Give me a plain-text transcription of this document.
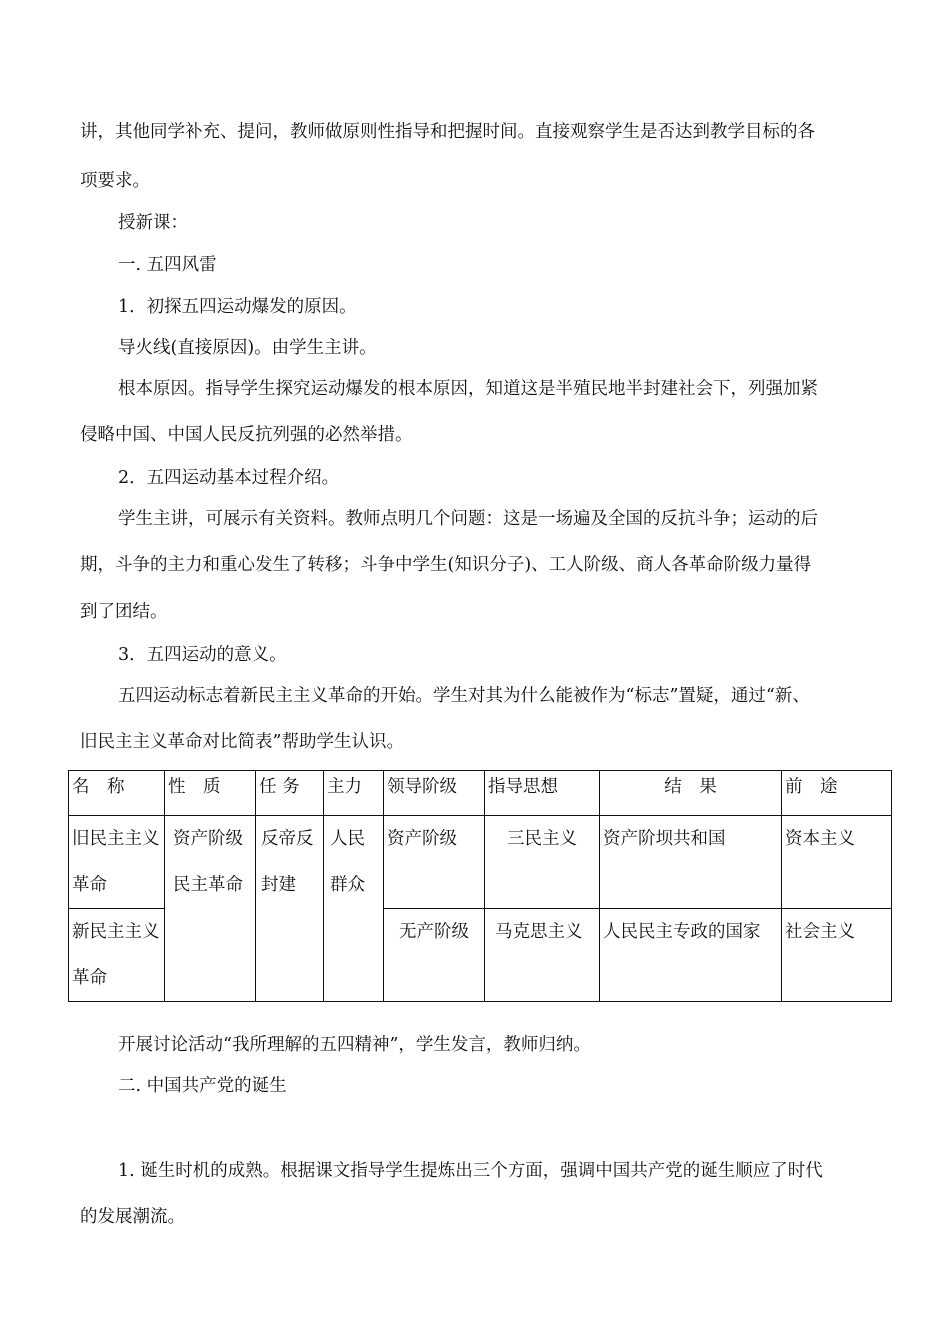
讲，其他同学补充、提问，教师做原则性指导和把握时间。直接观察学生是否达到教学目标的各
项要求。
授新课：
一. 五四风雷
1．初探五四运动爆发的原因。
导火线(直接原因)。由学生主讲。
根本原因。指导学生探究运动爆发的根本原因，知道这是半殖民地半封建社会下，列强加紧
侵略中国、中国人民反抗列强的必然举措。
2．五四运动基本过程介绍。
学生主讲，可展示有关资料。教师点明几个问题：这是一场遍及全国的反抗斗争；运动的后
期，斗争的主力和重心发生了转移；斗争中学生(知识分子)、工人阶级、商人各革命阶级力量得
到了团结。
3．五四运动的意义。
五四运动标志着新民主主义革命的开始。学生对其为什么能被作为“标志”置疑，通过“新、
旧民主主义革命对比简表”帮助学生认识。
名　称	性　质	任 务	主力	领导阶级	指导思想	结　果	前　途
旧民主主义革命	资产阶级民主革命	反帝反封建	人民群众	资产阶级	三民主义	资产阶坝共和国	资本主义
新民主主义革命				无产阶级	马克思主义	人民民主专政的国家	社会主义
开展讨论活动“我所理解的五四精神”，学生发言，教师归纳。
二. 中国共产党的诞生
1. 诞生时机的成熟。根据课文指导学生提炼出三个方面，强调中国共产党的诞生顺应了时代
的发展潮流。
